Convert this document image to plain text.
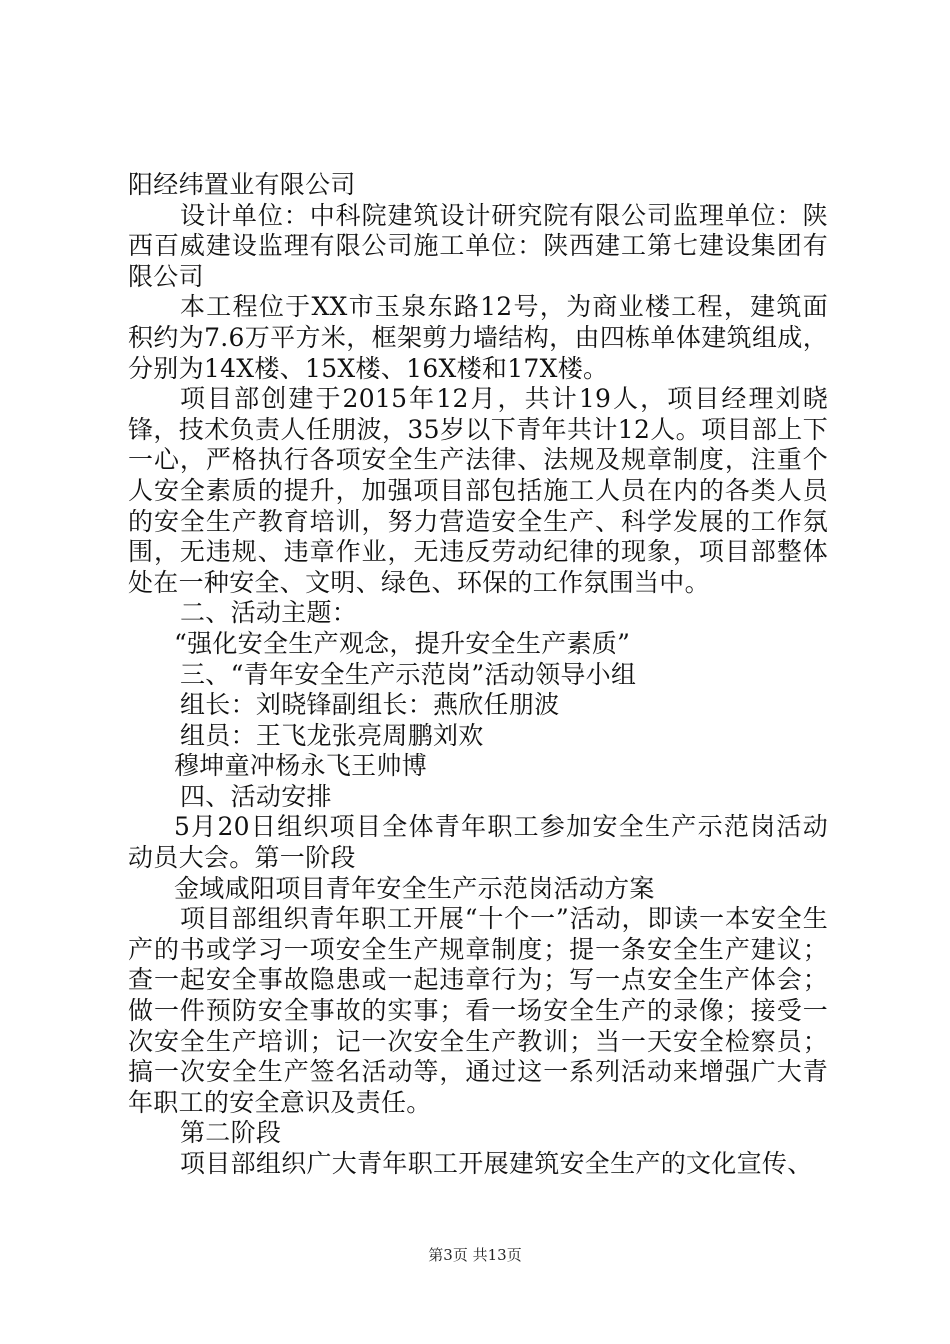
阳经纬置业有限公司

设计单位：中科院建筑设计研究院有限公司监理单位：陕西百威建设监理有限公司施工单位：陕西建工第七建设集团有限公司

本工程位于XX市玉泉东路12号，为商业楼工程，建筑面积约为7.6万平方米，框架剪力墙结构，由四栋单体建筑组成，分别为14X楼、15X楼、16X楼和17X楼。

项目部创建于2015年12月，共计19人，项目经理刘晓锋，技术负责人任朋波，35岁以下青年共计12人。项目部上下一心，严格执行各项安全生产法律、法规及规章制度，注重个人安全素质的提升，加强项目部包括施工人员在内的各类人员的安全生产教育培训，努力营造安全生产、科学发展的工作氛围，无违规、违章作业，无违反劳动纪律的现象，项目部整体处在一种安全、文明、绿色、环保的工作氛围当中。

二、活动主题：

“强化安全生产观念，提升安全生产素质”

三、“青年安全生产示范岗”活动领导小组

组长：刘晓锋副组长：燕欣任朋波

组员：王飞龙张亮周鹏刘欢

穆坤童冲杨永飞王帅博

四、活动安排

5月20日组织项目全体青年职工参加安全生产示范岗活动动员大会。第一阶段

金域咸阳项目青年安全生产示范岗活动方案

项目部组织青年职工开展“十个一”活动，即读一本安全生产的书或学习一项安全生产规章制度；提一条安全生产建议；查一起安全事故隐患或一起违章行为；写一点安全生产体会；做一件预防安全事故的实事；看一场安全生产的录像；接受一次安全生产培训；记一次安全生产教训；当一天安全检察员；搞一次安全生产签名活动等，通过这一系列活动来增强广大青年职工的安全意识及责任。

第二阶段

项目部组织广大青年职工开展建筑安全生产的文化宣传、

第3页 共13页
